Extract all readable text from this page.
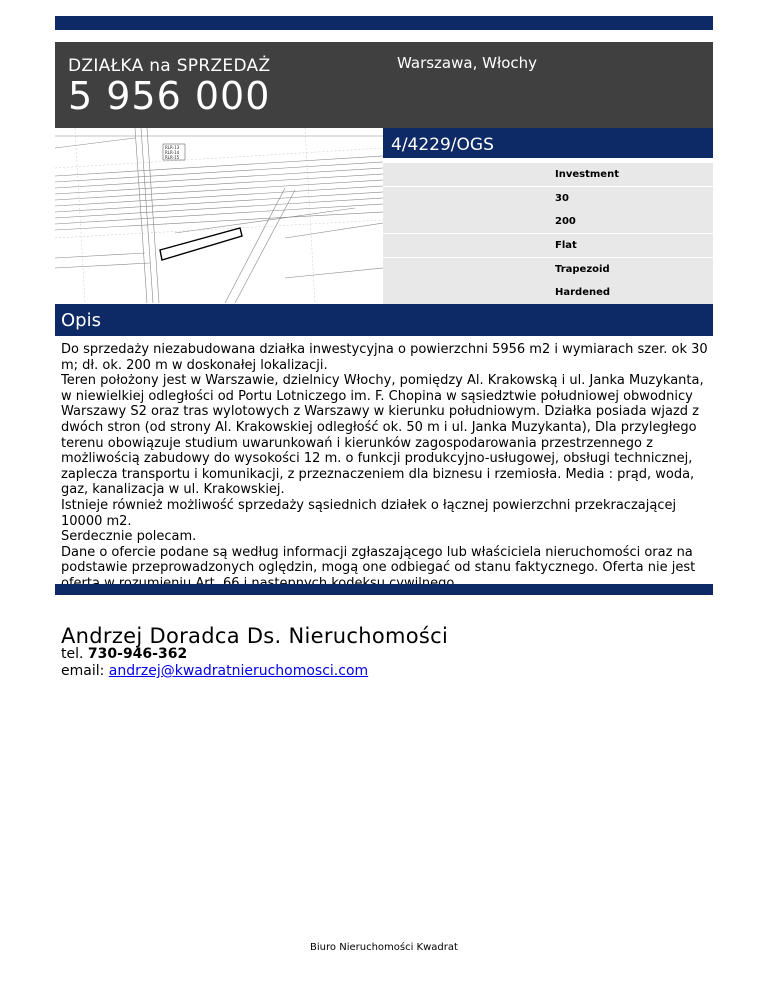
DZIAŁKA na SPRZEDAŻ
5 956 000
Warszawa, Włochy
RLR-13
RLR-14
RLR-15
4/4229/OGS
Investment
30
200
Flat
Trapezoid
Hardened
Opis

Do sprzedaży niezabudowana działka inwestycyjna o powierzchni 5956 m2 i wymiarach szer. ok 30 m; dł. ok. 200 m w doskonałej lokalizacji.

Teren położony jest w Warszawie, dzielnicy Włochy, pomiędzy Al. Krakowską i ul. Janka Muzykanta, w niewielkiej odległości od Portu Lotniczego im. F. Chopina w sąsiedztwie południowej obwodnicy Warszawy S2 oraz tras wylotowych z Warszawy w kierunku południowym. Działka posiada wjazd z dwóch stron (od strony Al. Krakowskiej odległość ok. 50 m i ul. Janka Muzykanta), Dla przyległego terenu obowiązuje studium uwarunkowań i kierunków zagospodarowania przestrzennego z możliwością zabudowy do wysokości 12 m. o funkcji produkcyjno-usługowej, obsługi technicznej, zaplecza transportu i komunikacji, z przeznaczeniem dla biznesu i rzemiosła. Media : prąd, woda, gaz, kanalizacja w ul. Krakowskiej.

Istnieje również możliwość sprzedaży sąsiednich działek o łącznej powierzchni przekraczającej 10000 m2.

Serdecznie polecam.

Dane o ofercie podane są według informacji zgłaszającego lub właściciela nieruchomości oraz na podstawie przeprowadzonych oględzin, mogą one odbiegać od stanu faktycznego. Oferta nie jest

Andrzej Doradca Ds. Nieruchomości
tel. 730-946-362
email: andrzej@kwadratnieruchomosci.com
Biuro Nieruchomości Kwadrat
